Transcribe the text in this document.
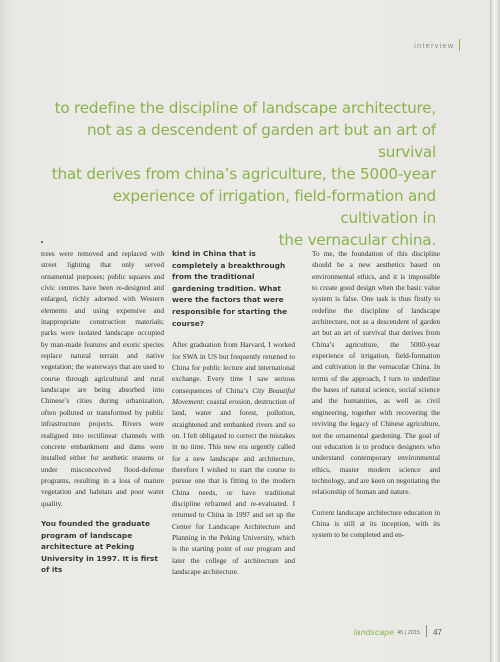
interview
to redefine the discipline of landscape architecture,
not as a descendent of garden art but an art of survival
that derives from china’s agriculture, the 5000-year
experience of irrigation, field-formation and cultivation in
the vernacular china.

trees were removed and replaced with street lighting that only served ornamental purposes; public squares and civic centres have been re-designed and enlarged, richly adorned with Western elements and using expensive and inappropriate construction materials; parks were isolated landscape occupied by man-made features and exotic species replace natural terrain and native vegetation; the waterways that are used to course through agricultural and rural landscape are being absorbed into Chinese’s cities during urbanization, often polluted or transformed by public infrastructure projects. Rivers were realigned into rectilinear channels with concrete embankment and dams were installed either for aesthetic reasons or under misconceived flood-defense programs, resulting in a loss of mature vegetation and habitats and poor water quality.

You founded the graduate program of landscape architecture at Peking University in 1997. It is first of its

kind in China that is completely a breakthrough from the traditional gardening tradition. What were the factors that were responsible for starting the course?

After graduation from Harvard, I worked for SWA in US but frequently returned to China for public lecture and international exchange. Every time I saw serious consequences of China’s City Beautiful Movement: coastal erosion, destruction of land, water and forest, pollution, straightened and embanked rivers and so on. I felt obligated to correct the mistakes in no time. This new era urgently called for a new landscape and architecture, therefore I wished to start the course to pursue one that is fitting to the modern China needs, or have traditional discipline reframed and re-evaluated. I returned to China in 1997 and set up the Center for Landscape Architecture and Planning in the Peking University, which is the starting point of our program and later the college of architecture and landscape architecture.

To me, the foundation of this discipline should be a new aesthetics based on environmental ethics, and it is impossible to create good design when the basic value system is false. One task is thus firstly to redefine the discipline of landscape architecture, not as a descendent of garden art but an art of survival that derives from China’s agriculture, the 5000-year experience of irrigation, field-formation and cultivation in the vernacular China. In terms of the approach, I turn to underline the bases of natural science, social science and the humanities, as well as civil engineering, together with recovering the reviving the legacy of Chinese agriculture, not the ornamental gardening. The goal of our education is to produce designers who understand contemporary environmental ethics, master modern science and technology, and are keen on negotiating the relationship of human and nature.

Current landscape architecture education in China is still at its inception, with its system to be completed and en-

landscape 45 | 2015 47
